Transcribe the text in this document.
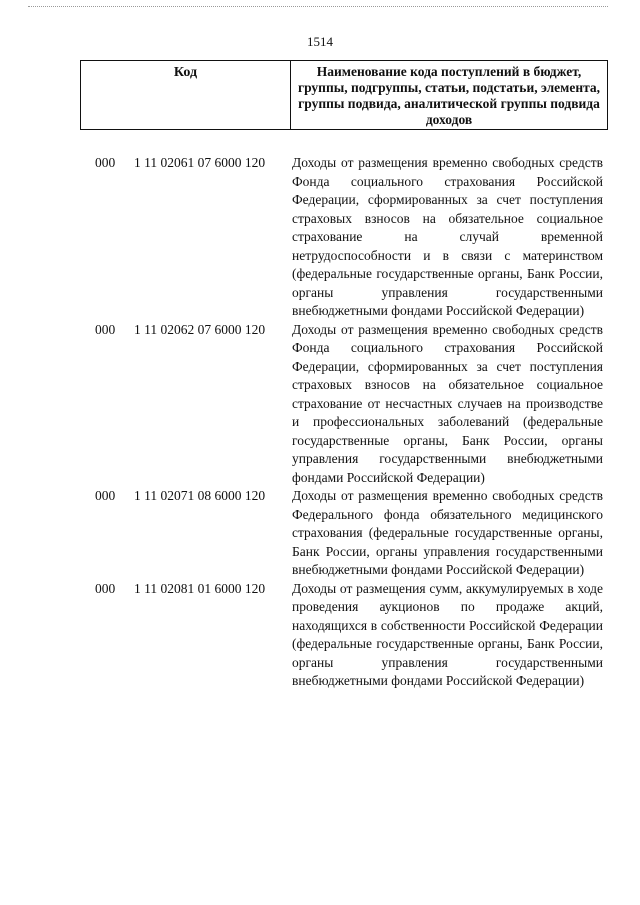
1514
Код	Наименование кода поступлений в бюджет, группы, подгруппы, статьи, подстатьи, элемента, группы подвида, аналитической группы подвида доходов
000 1 11 02061 07 6000 120 Доходы от размещения временно свободных средств Фонда социального страхования Российской Федерации, сформированных за счет поступления страховых взносов на обязательное социальное страхование на случай временной нетрудоспособности и в связи с материнством (федеральные государственные органы, Банк России, органы управления государственными внебюджетными фондами Российской Федерации)
000 1 11 02062 07 6000 120 Доходы от размещения временно свободных средств Фонда социального страхования Российской Федерации, сформированных за счет поступления страховых взносов на обязательное социальное страхование от несчастных случаев на производстве и профессиональных заболеваний (федеральные государственные органы, Банк России, органы управления государственными внебюджетными фондами Российской Федерации)
000 1 11 02071 08 6000 120 Доходы от размещения временно свободных средств Федерального фонда обязательного медицинского страхования (федеральные государственные органы, Банк России, органы управления государственными внебюджетными фондами Российской Федерации)
000 1 11 02081 01 6000 120 Доходы от размещения сумм, аккумулируемых в ходе проведения аукционов по продаже акций, находящихся в собственности Российской Федерации (федеральные государственные органы, Банк России, органы управления государственными внебюджетными фондами Российской Федерации)
